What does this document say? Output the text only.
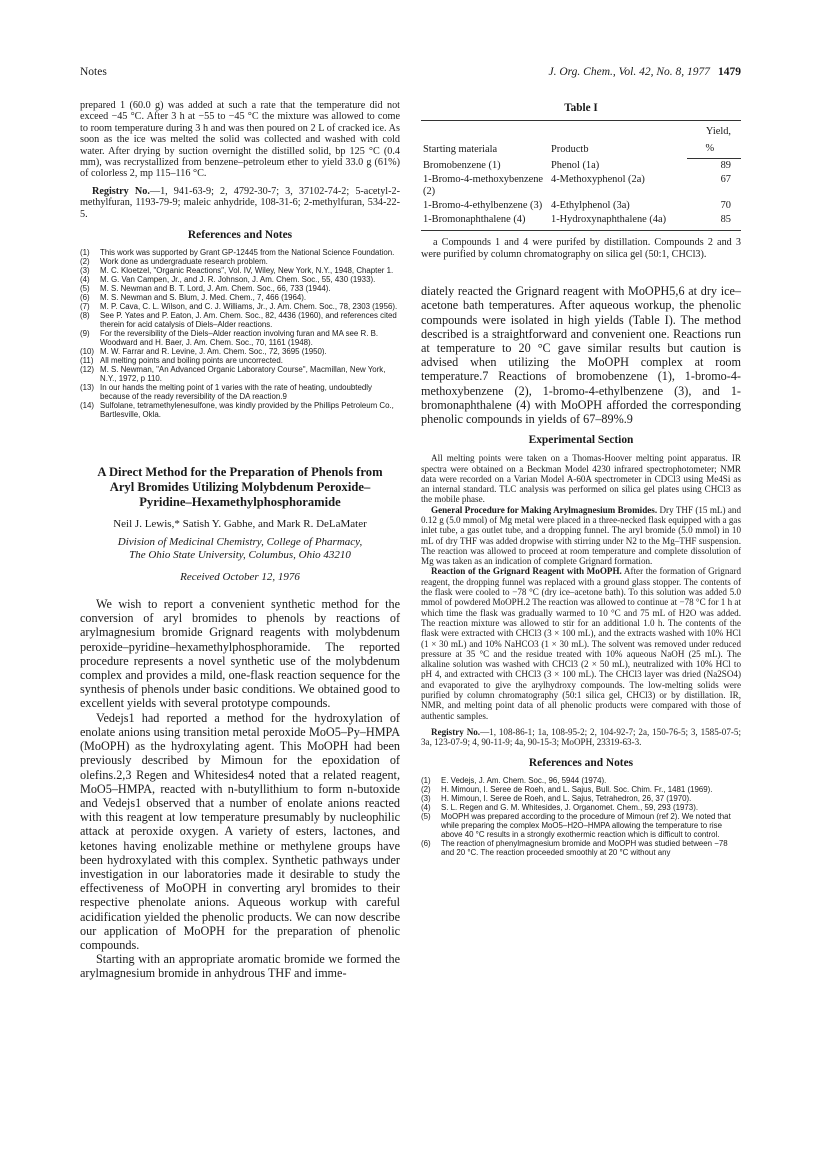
Notes	J. Org. Chem., Vol. 42, No. 8, 1977 1479

prepared 1 (60.0 g) was added at such a rate that the temperature did not exceed −45 °C. After 3 h at −55 to −45 °C the mixture was allowed to come to room temperature during 3 h and was then poured on 2 L of cracked ice. As soon as the ice was melted the solid was collected and washed with cold water. After drying by suction overnight the distilled solid, bp 125 °C (0.4 mm), was recrystallized from benzene–petroleum ether to yield 33.0 g (61%) of colorless 2, mp 115–116 °C.

Registry No.—1, 941-63-9; 2, 4792-30-7; 3, 37102-74-2; 5-acetyl-2-methylfuran, 1193-79-9; maleic anhydride, 108-31-6; 2-methylfuran, 534-22-5.

References and Notes
(1)	This work was supported by Grant GP-12445 from the National Science Foundation.
(2)	Work done as undergraduate research problem.
(3)	M. C. Kloetzel, "Organic Reactions", Vol. IV, Wiley, New York, N.Y., 1948, Chapter 1.
(4)	M. G. Van Campen, Jr., and J. R. Johnson, J. Am. Chem. Soc., 55, 430 (1933).
(5)	M. S. Newman and B. T. Lord, J. Am. Chem. Soc., 66, 733 (1944).
(6)	M. S. Newman and S. Blum, J. Med. Chem., 7, 466 (1964).
(7)	M. P. Cava, C. L. Wilson, and C. J. Williams, Jr., J. Am. Chem. Soc., 78, 2303 (1956).
(8)	See P. Yates and P. Eaton, J. Am. Chem. Soc., 82, 4436 (1960), and references cited therein for acid catalysis of Diels–Alder reactions.
(9)	For the reversibility of the Diels–Alder reaction involving furan and MA see R. B. Woodward and H. Baer, J. Am. Chem. Soc., 70, 1161 (1948).
(10) M. W. Farrar and R. Levine, J. Am. Chem. Soc., 72, 3695 (1950).
(11) All melting points and boiling points are uncorrected.
(12) M. S. Newman, "An Advanced Organic Laboratory Course", Macmillan, New York, N.Y., 1972, p 110.
(13) In our hands the melting point of 1 varies with the rate of heating, undoubtedly because of the ready reversibility of the DA reaction.9
(14) Sulfolane, tetramethylenesulfone, was kindly provided by the Phillips Petroleum Co., Bartlesville, Okla.
A Direct Method for the Preparation of Phenols from Aryl Bromides Utilizing Molybdenum Peroxide–Pyridine–Hexamethylphosphoramide
Neil J. Lewis,* Satish Y. Gabhe, and Mark R. DeLaMater
Division of Medicinal Chemistry, College of Pharmacy,
The Ohio State University, Columbus, Ohio 43210
Received October 12, 1976

We wish to report a convenient synthetic method for the conversion of aryl bromides to phenols by reactions of arylmagnesium bromide Grignard reagents with molybdenum peroxide–pyridine–hexamethylphosphoramide. The reported procedure represents a novel synthetic use of the molybdenum complex and provides a mild, one-flask reaction sequence for the synthesis of phenols under basic conditions. We obtained good to excellent yields with several prototype compounds.

Vedejs1 had reported a method for the hydroxylation of enolate anions using transition metal peroxide MoO5–Py–HMPA (MoOPH) as the hydroxylating agent. This MoOPH had been previously described by Mimoun for the epoxidation of olefins.2,3 Regen and Whitesides4 noted that a related reagent, MoO5–HMPA, reacted with n-butyllithium to form n-butoxide and Vedejs1 observed that a number of enolate anions reacted with this reagent at low temperature presumably by nucleophilic attack at peroxide oxygen. A variety of esters, lactones, and ketones having enolizable methine or methylene groups have been hydroxylated with this complex. Synthetic pathways under investigation in our laboratories made it desirable to study the effectiveness of MoOPH in converting aryl bromides to their respective phenolate anions. Aqueous workup with careful acidification yielded the phenolic products. We can now describe our application of MoOPH for the preparation of phenolic compounds.

Starting with an appropriate aromatic bromide we formed the arylmagnesium bromide in anhydrous THF and imme-

Table I
Starting materiala	Productb	Yield,
		%
Bromobenzene (1)	Phenol (1a)	89
1-Bromo-4-methoxybenzene (2)	4-Methoxyphenol (2a)	67
1-Bromo-4-ethylbenzene (3)	4-Ethylphenol (3a)	70
1-Bromonaphthalene (4)	1-Hydroxynaphthalene (4a)	85

a Compounds 1 and 4 were purifed by distillation. Compounds 2 and 3 were purified by column chromatography on silica gel (50:1, CHCl3).

diately reacted the Grignard reagent with MoOPH5,6 at dry ice–acetone bath temperatures. After aqueous workup, the phenolic compounds were isolated in high yields (Table I). The method described is a straightforward and convenient one. Reactions run at temperature to 20 °C gave similar results but caution is advised when utilizing the MoOPH complex at room temperature.7 Reactions of bromobenzene (1), 1-bromo-4-methoxybenzene (2), 1-bromo-4-ethylbenzene (3), and 1-bromonaphthalene (4) with MoOPH afforded the corresponding phenolic compounds in yields of 67–89%.9

Experimental Section

All melting points were taken on a Thomas-Hoover melting point apparatus. IR spectra were obtained on a Beckman Model 4230 infrared spectrophotometer; NMR data were recorded on a Varian Model A-60A spectrometer in CDCl3 using Me4Si as an internal standard. TLC analysis was performed on silica gel plates using CHCl3 as the mobile phase.

General Procedure for Making Arylmagnesium Bromides. Dry THF (15 mL) and 0.12 g (5.0 mmol) of Mg metal were placed in a three-necked flask equipped with a gas inlet tube, a gas outlet tube, and a dropping funnel. The aryl bromide (5.0 mmol) in 10 mL of dry THF was added dropwise with stirring under N2 to the Mg–THF suspension. The reaction was allowed to proceed at room temperature and complete dissolution of Mg was taken as an indication of complete Grignard formation.

Reaction of the Grignard Reagent with MoOPH. After the formation of Grignard reagent, the dropping funnel was replaced with a ground glass stopper. The contents of the flask were cooled to −78 °C (dry ice–acetone bath). To this solution was added 5.0 mmol of powdered MoOPH.2 The reaction was allowed to continue at −78 °C for 1 h at which time the flask was gradually warmed to 10 °C and 75 mL of H2O was added. The reaction mixture was allowed to stir for an additional 1.0 h. The contents of the flask were extracted with CHCl3 (3 × 100 mL), and the extracts washed with 10% HCl (1 × 30 mL) and 10% NaHCO3 (1 × 30 mL). The solvent was removed under reduced pressure at 35 °C and the residue treated with 10% aqueous NaOH (25 mL). The alkaline solution was washed with CHCl3 (2 × 50 mL), neutralized with 10% HCl to pH 4, and extracted with CHCl3 (3 × 100 mL). The CHCl3 layer was dried (Na2SO4) and evaporated to give the arylhydroxy compounds. The low-melting solids were purified by column chromatography (50:1 silica gel, CHCl3) or by distillation. IR, NMR, and melting point data of all phenolic products were compared with those of authentic samples.

Registry No.—1, 108-86-1; 1a, 108-95-2; 2, 104-92-7; 2a, 150-76-5; 3, 1585-07-5; 3a, 123-07-9; 4, 90-11-9; 4a, 90-15-3; MoOPH, 23319-63-3.

References and Notes
(1)	E. Vedejs, J. Am. Chem. Soc., 96, 5944 (1974).
(2)	H. Mimoun, I. Seree de Roeh, and L. Sajus, Bull. Soc. Chim. Fr., 1481 (1969).
(3)	H. Mimoun, I. Seree de Roeh, and L. Sajus, Tetrahedron, 26, 37 (1970).
(4)	S. L. Regen and G. M. Whitesides, J. Organomet. Chem., 59, 293 (1973).
(5)	MoOPH was prepared according to the procedure of Mimoun (ref 2). We noted that while preparing the complex MoO5–H2O–HMPA allowing the temperature to rise above 40 °C results in a strongly exothermic reaction which is difficult to control.
(6)	The reaction of phenylmagnesium bromide and MoOPH was studied between −78 and 20 °C. The reaction proceeded smoothly at 20 °C without any
